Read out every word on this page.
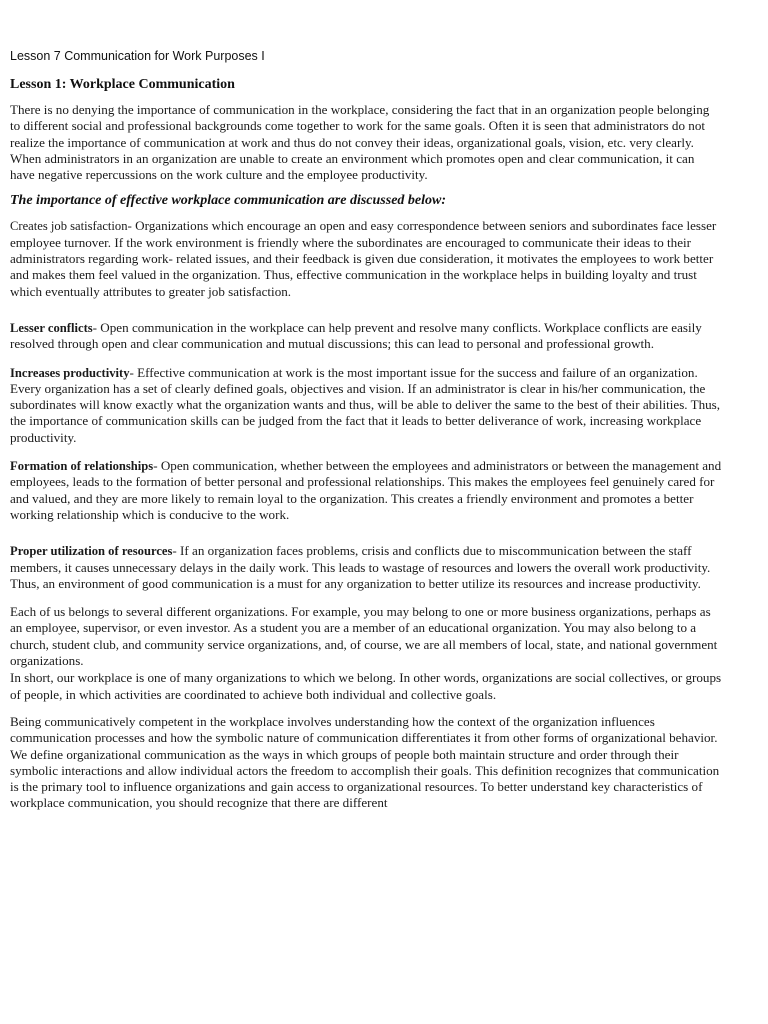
Lesson 7 Communication for Work Purposes I
Lesson 1: Workplace Communication

There is no denying the importance of communication in the workplace, considering the fact that in an organization people belonging to different social and professional backgrounds come together to work for the same goals. Often it is seen that administrators do not realize the importance of communication at work and thus do not convey their ideas, organizational goals, vision, etc. very clearly. When administrators in an organization are unable to create an environment which promotes open and clear communication, it can have negative repercussions on the work culture and the employee productivity.

The importance of effective workplace communication are discussed below:

Creates job satisfaction- Organizations which encourage an open and easy correspondence between seniors and subordinates face lesser employee turnover. If the work environment is friendly where the subordinates are encouraged to communicate their ideas to their administrators regarding work- related issues, and their feedback is given due consideration, it motivates the employees to work better and makes them feel valued in the organization. Thus, effective communication in the workplace helps in building loyalty and trust which eventually attributes to greater job satisfaction.

Lesser conflicts- Open communication in the workplace can help prevent and resolve many conflicts. Workplace conflicts are easily resolved through open and clear communication and mutual discussions; this can lead to personal and professional growth.

Increases productivity- Effective communication at work is the most important issue for the success and failure of an organization. Every organization has a set of clearly defined goals, objectives and vision. If an administrator is clear in his/her communication, the subordinates will know exactly what the organization wants and thus, will be able to deliver the same to the best of their abilities. Thus, the importance of communication skills can be judged from the fact that it leads to better deliverance of work, increasing workplace productivity.

Formation of relationships- Open communication, whether between the employees and administrators or between the management and employees, leads to the formation of better personal and professional relationships. This makes the employees feel genuinely cared for and valued, and they are more likely to remain loyal to the organization. This creates a friendly environment and promotes a better working relationship which is conducive to the work.

Proper utilization of resources- If an organization faces problems, crisis and conflicts due to miscommunication between the staff members, it causes unnecessary delays in the daily work. This leads to wastage of resources and lowers the overall work productivity. Thus, an environment of good communication is a must for any organization to better utilize its resources and increase productivity.

Each of us belongs to several different organizations. For example, you may belong to one or more business organizations, perhaps as an employee, supervisor, or even investor. As a student you are a member of an educational organization. You may also belong to a church, student club, and community service organizations, and, of course, we are all members of local, state, and national government organizations.

In short, our workplace is one of many organizations to which we belong. In other words, organizations are social collectives, or groups of people, in which activities are coordinated to achieve both individual and collective goals.

Being communicatively competent in the workplace involves understanding how the context of the organization influences communication processes and how the symbolic nature of communication differentiates it from other forms of organizational behavior. We define organizational communication as the ways in which groups of people both maintain structure and order through their symbolic interactions and allow individual actors the freedom to accomplish their goals. This definition recognizes that communication is the primary tool to influence organizations and gain access to organizational resources. To better understand key characteristics of workplace communication, you should recognize that there are different
